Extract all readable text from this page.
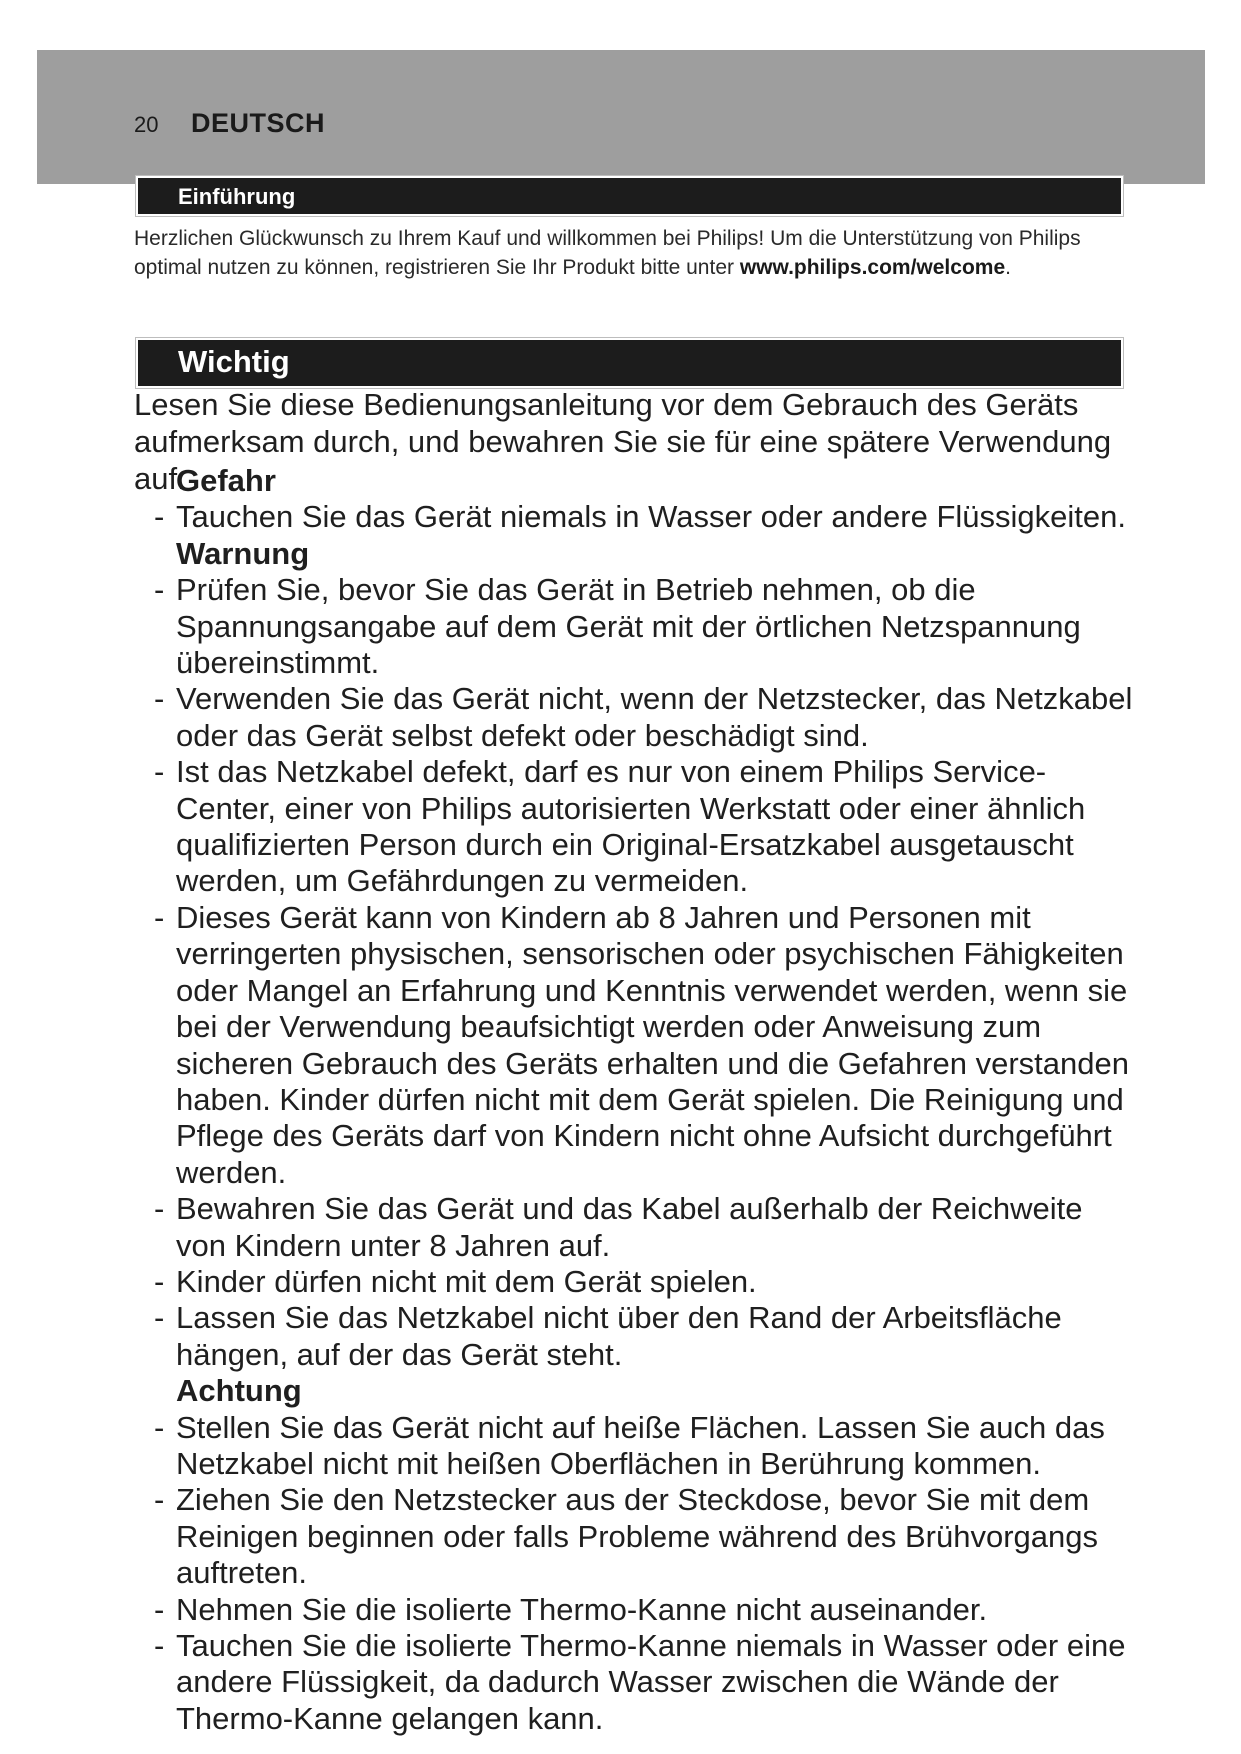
20 DEUTSCH
Einführung
Herzlichen Glückwunsch zu Ihrem Kauf und willkommen bei Philips! Um die Unterstützung von Philips optimal nutzen zu können, registrieren Sie Ihr Produkt bitte unter www.philips.com/welcome.
Wichtig
Lesen Sie diese Bedienungsanleitung vor dem Gebrauch des Geräts aufmerksam durch, und bewahren Sie sie für eine spätere Verwendung auf.
Gefahr
- Tauchen Sie das Gerät niemals in Wasser oder andere Flüssigkeiten.
Warnung
- Prüfen Sie, bevor Sie das Gerät in Betrieb nehmen, ob die Spannungsangabe auf dem Gerät mit der örtlichen Netzspannung übereinstimmt.
- Verwenden Sie das Gerät nicht, wenn der Netzstecker, das Netzkabel oder das Gerät selbst defekt oder beschädigt sind.
- Ist das Netzkabel defekt, darf es nur von einem Philips Service-Center, einer von Philips autorisierten Werkstatt oder einer ähnlich qualifizierten Person durch ein Original-Ersatzkabel ausgetauscht werden, um Gefährdungen zu vermeiden.
- Dieses Gerät kann von Kindern ab 8 Jahren und Personen mit verringerten physischen, sensorischen oder psychischen Fähigkeiten oder Mangel an Erfahrung und Kenntnis verwendet werden, wenn sie bei der Verwendung beaufsichtigt werden oder Anweisung zum sicheren Gebrauch des Geräts erhalten und die Gefahren verstanden haben. Kinder dürfen nicht mit dem Gerät spielen. Die Reinigung und Pflege des Geräts darf von Kindern nicht ohne Aufsicht durchgeführt werden.
- Bewahren Sie das Gerät und das Kabel außerhalb der Reichweite von Kindern unter 8 Jahren auf.
- Kinder dürfen nicht mit dem Gerät spielen.
- Lassen Sie das Netzkabel nicht über den Rand der Arbeitsfläche hängen, auf der das Gerät steht.
Achtung
- Stellen Sie das Gerät nicht auf heiße Flächen. Lassen Sie auch das Netzkabel nicht mit heißen Oberflächen in Berührung kommen.
- Ziehen Sie den Netzstecker aus der Steckdose, bevor Sie mit dem Reinigen beginnen oder falls Probleme während des Brühvorgangs auftreten.
- Nehmen Sie die isolierte Thermo-Kanne nicht auseinander.
- Tauchen Sie die isolierte Thermo-Kanne niemals in Wasser oder eine andere Flüssigkeit, da dadurch Wasser zwischen die Wände der Thermo-Kanne gelangen kann.
